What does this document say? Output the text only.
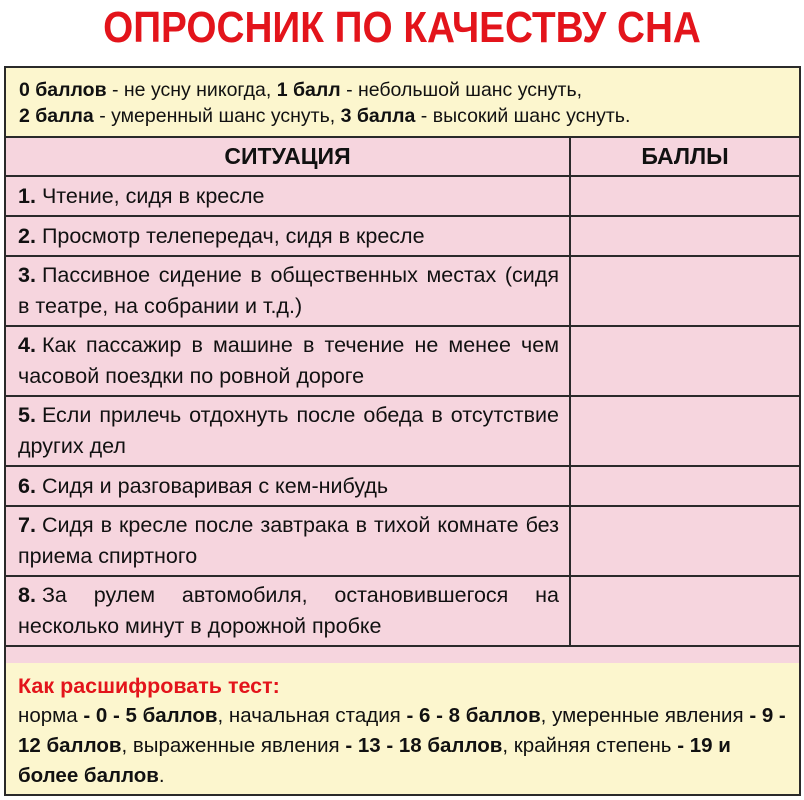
ОПРОСНИК ПО КАЧЕСТВУ СНА
0 баллов - не усну никогда, 1 балл - небольшой шанс уснуть,
2 балла - умеренный шанс уснуть, 3 балла - высокий шанс уснуть.
СИТУАЦИЯ	БАЛЛЫ
1. Чтение, сидя в кресле	
2. Просмотр телепередач, сидя в кресле	
3. Пассивное сидение в общественных местах (сидя в театре, на собрании и т.д.)	
4. Как пассажир в машине в течение не менее чем часовой поездки по ровной дороге	
5. Если прилечь отдохнуть после обеда в отсутствие других дел	
6. Сидя и разговаривая с кем-нибудь	
7. Сидя в кресле после завтрака в тихой комнате без приема спиртного	
8. За рулем автомобиля, остановившегося на несколько минут в дорожной пробке	
Как расшифровать тест:
норма - 0 - 5 баллов, начальная стадия - 6 - 8 баллов, умеренные явления - 9 - 12 баллов, выраженные явления - 13 - 18 баллов, крайняя степень - 19 и более баллов.
